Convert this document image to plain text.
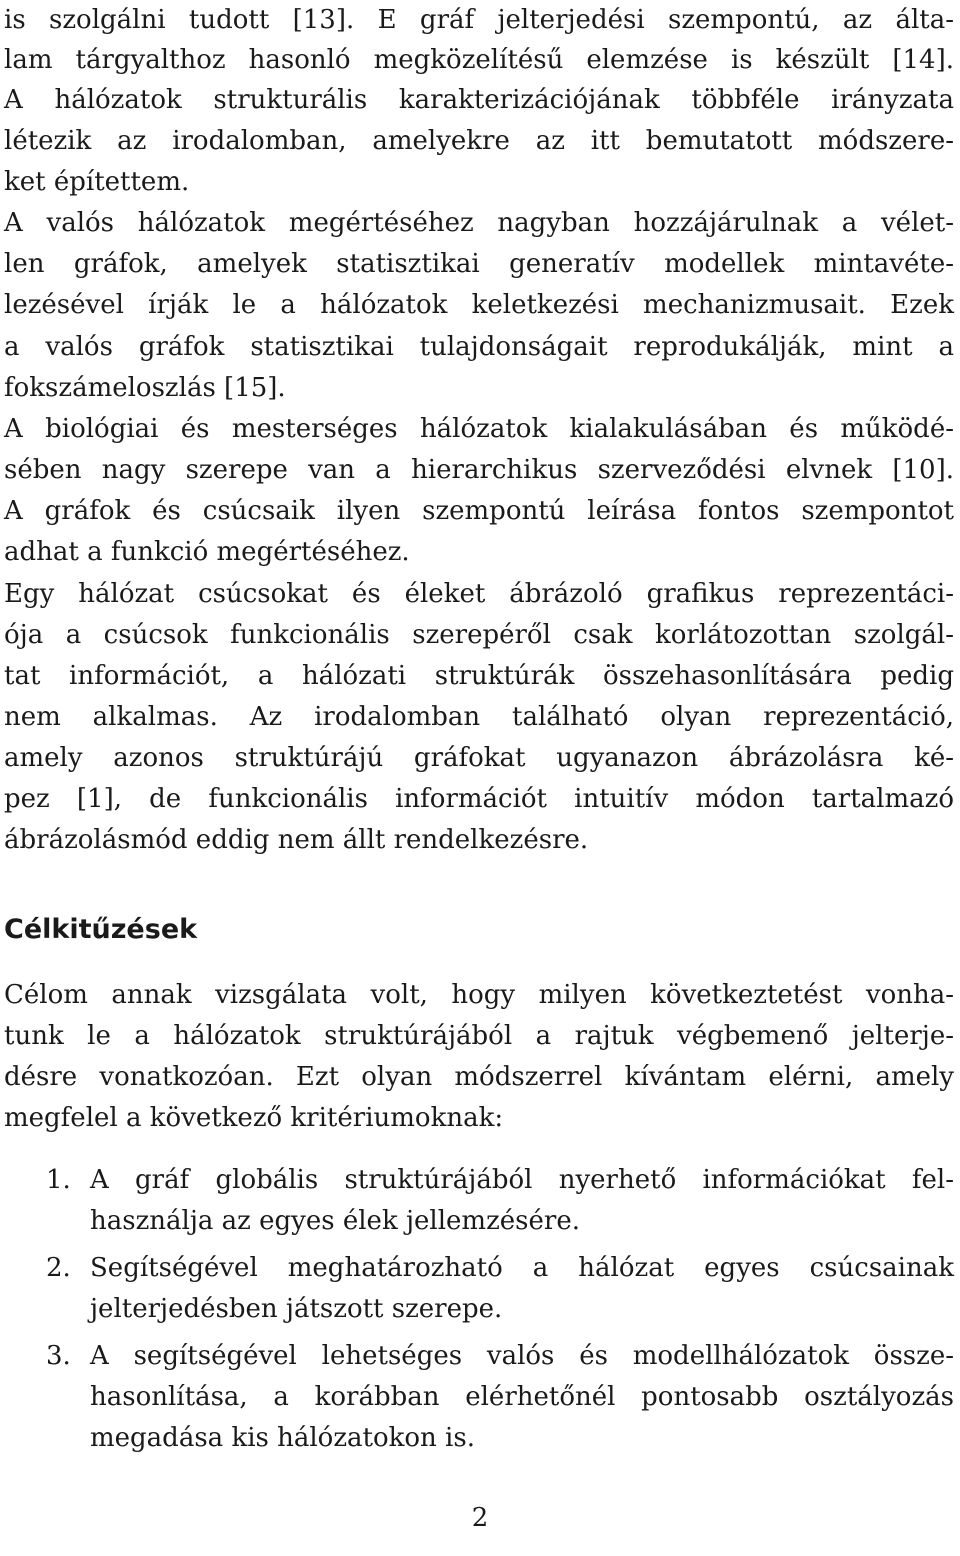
is szolgálni tudott [13]. E gráf jelterjedési szempontú, az álta-
lam tárgyalthoz hasonló megközelítésű elemzése is készült [14].
A hálózatok strukturális karakterizációjának többféle irányzata
létezik az irodalomban, amelyekre az itt bemutatott módszere-
ket építettem.
A valós hálózatok megértéséhez nagyban hozzájárulnak a vélet-
len gráfok, amelyek statisztikai generatív modellek mintavéte-
lezésével írják le a hálózatok keletkezési mechanizmusait. Ezek
a valós gráfok statisztikai tulajdonságait reprodukálják, mint a
fokszámeloszlás [15].
A biológiai és mesterséges hálózatok kialakulásában és működé-
sében nagy szerepe van a hierarchikus szerveződési elvnek [10].
A gráfok és csúcsaik ilyen szempontú leírása fontos szempontot
adhat a funkció megértéséhez.
Egy hálózat csúcsokat és éleket ábrázoló grafikus reprezentáci-
ója a csúcsok funkcionális szerepéről csak korlátozottan szolgál-
tat információt, a hálózati struktúrák összehasonlítására pedig
nem alkalmas. Az irodalomban található olyan reprezentáció,
amely azonos struktúrájú gráfokat ugyanazon ábrázolásra ké-
pez [1], de funkcionális információt intuitív módon tartalmazó
ábrázolásmód eddig nem állt rendelkezésre.
Célkitűzések
Célom annak vizsgálata volt, hogy milyen következtetést vonha-
tunk le a hálózatok struktúrájából a rajtuk végbemenő jelterje-
désre vonatkozóan. Ezt olyan módszerrel kívántam elérni, amely
megfelel a következő kritériumoknak:
1. A gráf globális struktúrájából nyerhető információkat fel-
használja az egyes élek jellemzésére.
2. Segítségével meghatározható a hálózat egyes csúcsainak
jelterjedésben játszott szerepe.
3. A segítségével lehetséges valós és modellhálózatok össze-
hasonlítása, a korábban elérhetőnél pontosabb osztályozás
megadása kis hálózatokon is.
2
